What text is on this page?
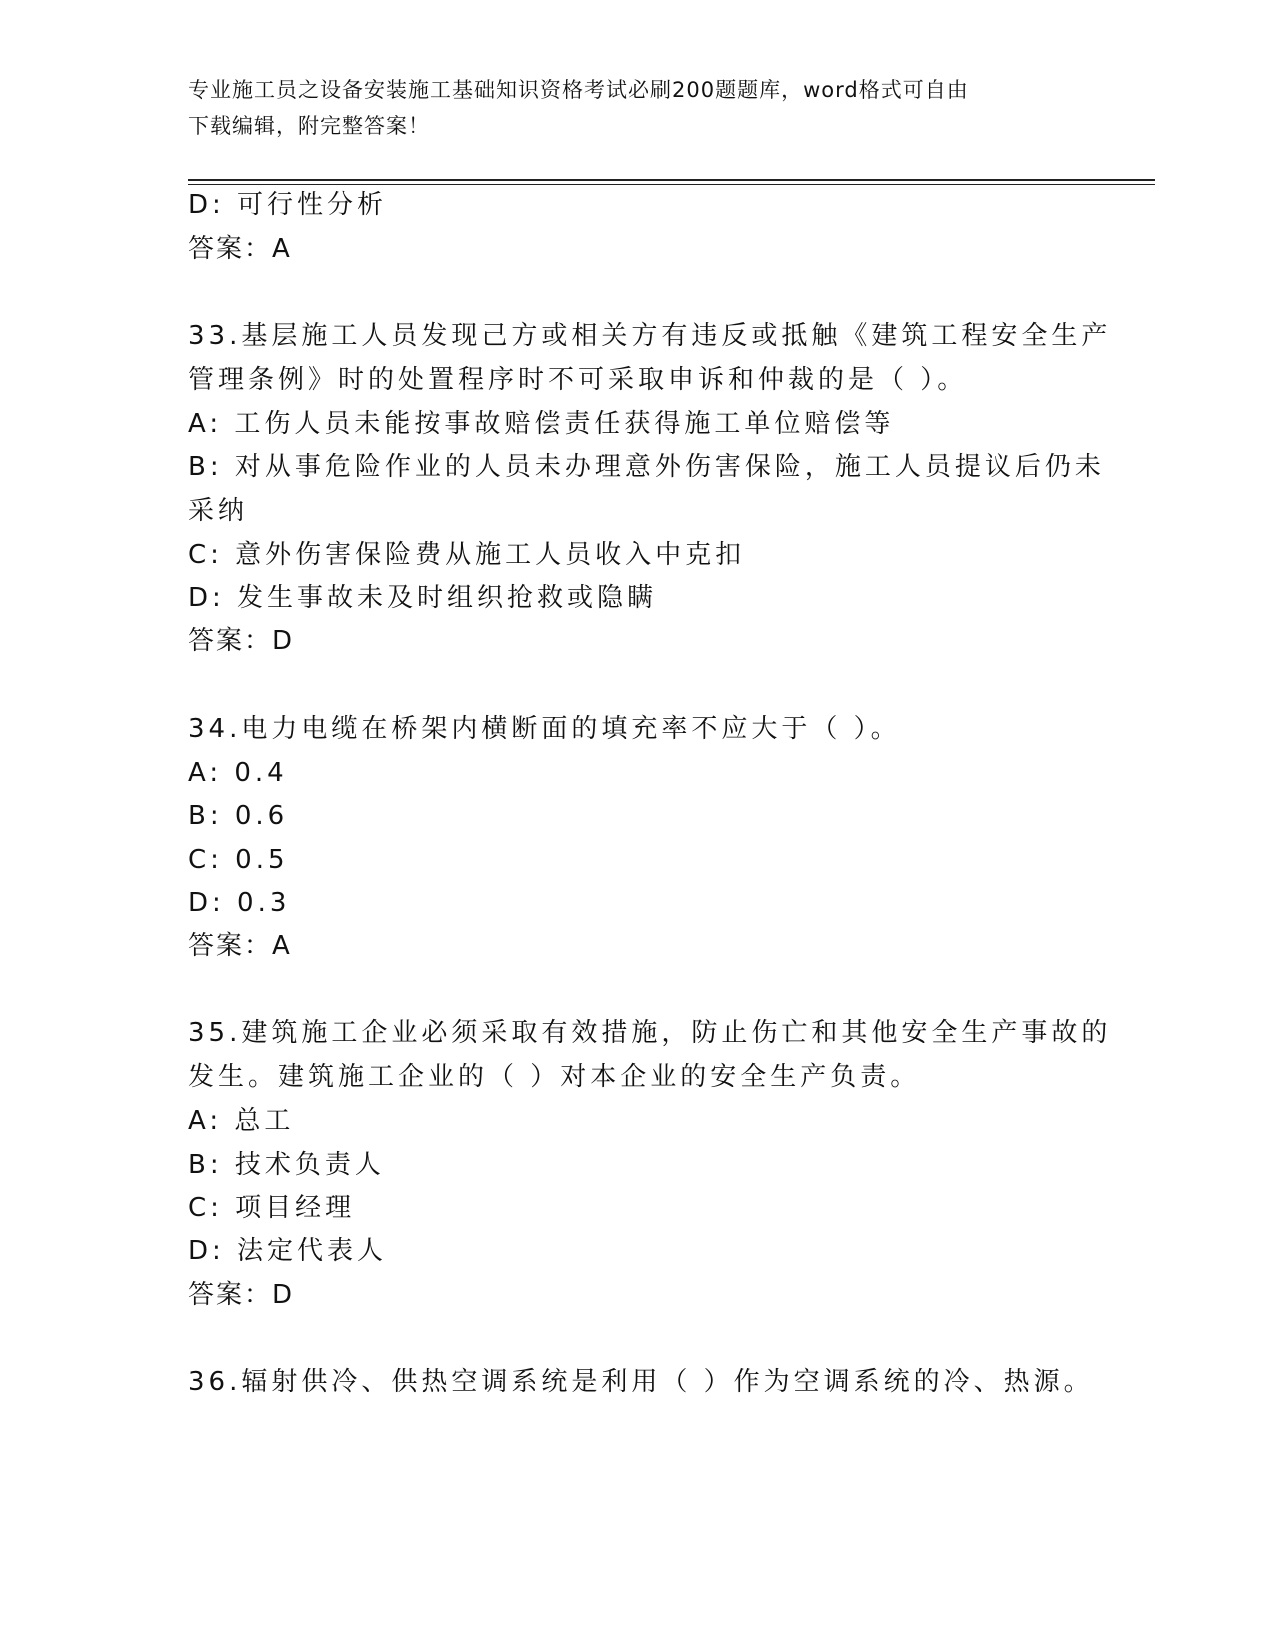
专业施工员之设备安装施工基础知识资格考试必刷200题题库，word格式可自由
下载编辑，附完整答案！
D: 可行性分析
答案：A
33.基层施工人员发现己方或相关方有违反或抵触《建筑工程安全生产
管理条例》时的处置程序时不可采取申诉和仲裁的是（ ）。
A: 工伤人员未能按事故赔偿责任获得施工单位赔偿等
B: 对从事危险作业的人员未办理意外伤害保险，施工人员提议后仍未
采纳
C: 意外伤害保险费从施工人员收入中克扣
D: 发生事故未及时组织抢救或隐瞒
答案：D
34.电力电缆在桥架内横断面的填充率不应大于（ ）。
A: 0.4
B: 0.6
C: 0.5
D: 0.3
答案：A
35.建筑施工企业必须采取有效措施，防止伤亡和其他安全生产事故的
发生。建筑施工企业的（ ）对本企业的安全生产负责。
A: 总工
B: 技术负责人
C: 项目经理
D: 法定代表人
答案：D
36.辐射供冷、供热空调系统是利用（ ）作为空调系统的冷、热源。
